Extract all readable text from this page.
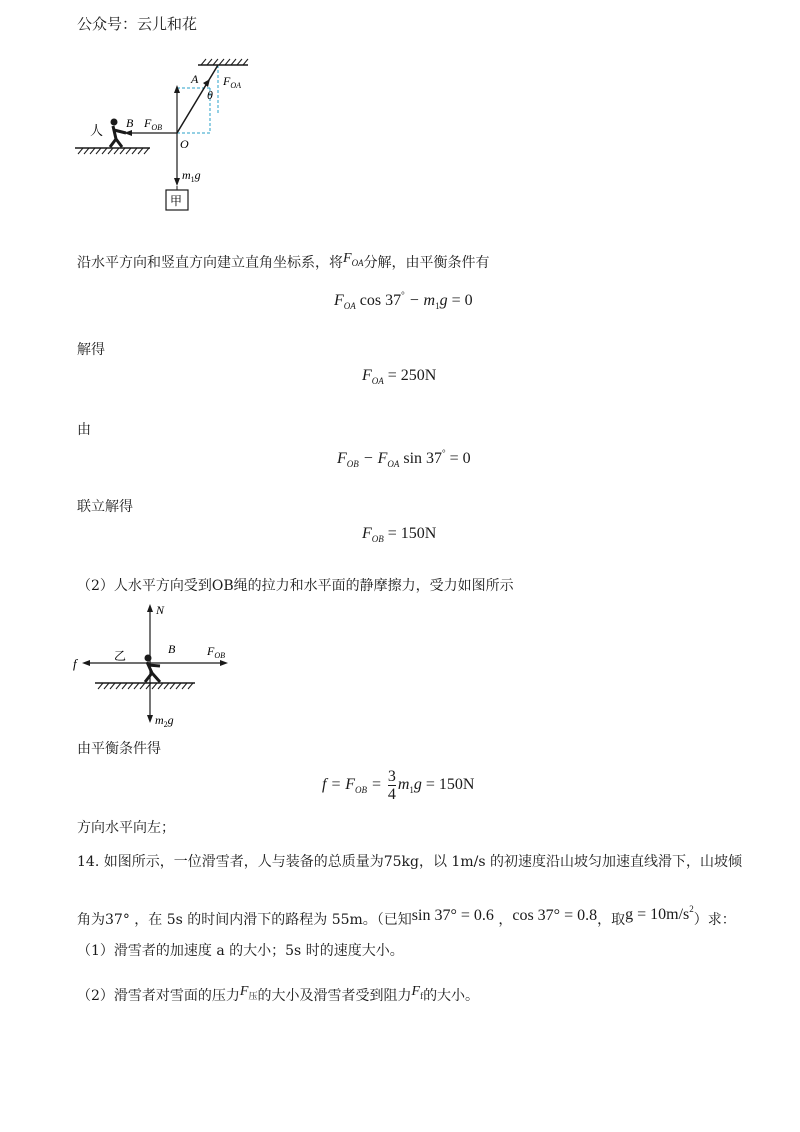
公众号：云儿和花
人 B $F_{OB}$
O
A
θ
$F_{OA}$
$m_1g$
甲
沿水平方向和竖直方向建立直角坐标系，将$F_{OA}$分解，由平衡条件有
$F_{OA}$ $\cos 37^\circ - m_1g = 0$
解得
$F_{OA} = 250N$
由
$F_{OB} - F_{OA}$ sin 37° = 0
联立解得
$F_{OB} = 150N$
（2）人水平方向受到OB绳的拉力和水平面的静摩擦力，受力如图所示
N
f	乙	B	$F_{OB}$
$m_2g$
由平衡条件得
$f = F_{OB} = \frac{3}{4} m_1g = 150N$
方向水平向左；
14. 如图所示，一位滑雪者，人与装备的总质量为75kg，以 1m/s 的初速度沿山坡匀加速直线滑下，山坡倾
角为37° ，在 5s 的时间内滑下的路程为 55m。（已知sin 37° = 0.6 ，cos 37° = 0.8，取$g = 10m/s^2$）求：
（1）滑雪者的加速度 a 的大小；5s 时的速度大小。
（2）滑雪者对雪面的压力$F_压$的大小及滑雪者受到阻力$F_f$的大小。
